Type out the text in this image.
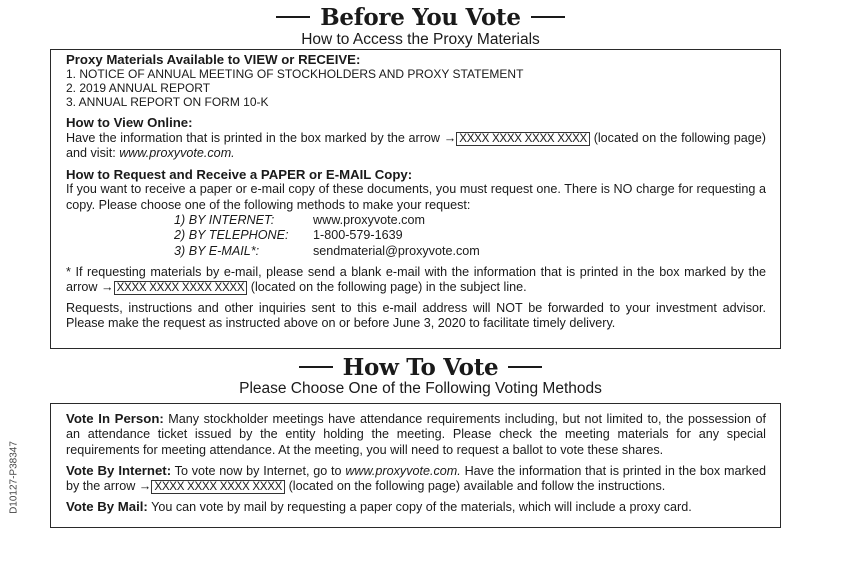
Before You Vote
How to Access the Proxy Materials
Proxy Materials Available to VIEW or RECEIVE:
1. NOTICE OF ANNUAL MEETING OF STOCKHOLDERS AND PROXY STATEMENT
2. 2019 ANNUAL REPORT
3. ANNUAL REPORT ON FORM 10-K
How to View Online:
Have the information that is printed in the box marked by the arrow → XXXX XXXX XXXX XXXX (located on the following page) and visit: www.proxyvote.com.
How to Request and Receive a PAPER or E-MAIL Copy:
If you want to receive a paper or e-mail copy of these documents, you must request one. There is NO charge for requesting a copy. Please choose one of the following methods to make your request:
1) BY INTERNET:	www.proxyvote.com
2) BY TELEPHONE:	1-800-579-1639
3) BY E-MAIL*:	sendmaterial@proxyvote.com
* If requesting materials by e-mail, please send a blank e-mail with the information that is printed in the box marked by the arrow → XXXX XXXX XXXX XXXX (located on the following page) in the subject line.
Requests, instructions and other inquiries sent to this e-mail address will NOT be forwarded to your investment advisor. Please make the request as instructed above on or before June 3, 2020 to facilitate timely delivery.
How To Vote
Please Choose One of the Following Voting Methods
Vote In Person: Many stockholder meetings have attendance requirements including, but not limited to, the possession of an attendance ticket issued by the entity holding the meeting. Please check the meeting materials for any special requirements for meeting attendance. At the meeting, you will need to request a ballot to vote these shares.
Vote By Internet: To vote now by Internet, go to www.proxyvote.com. Have the information that is printed in the box marked by the arrow → XXXX XXXX XXXX XXXX (located on the following page) available and follow the instructions.
Vote By Mail: You can vote by mail by requesting a paper copy of the materials, which will include a proxy card.
D10127-P38347
